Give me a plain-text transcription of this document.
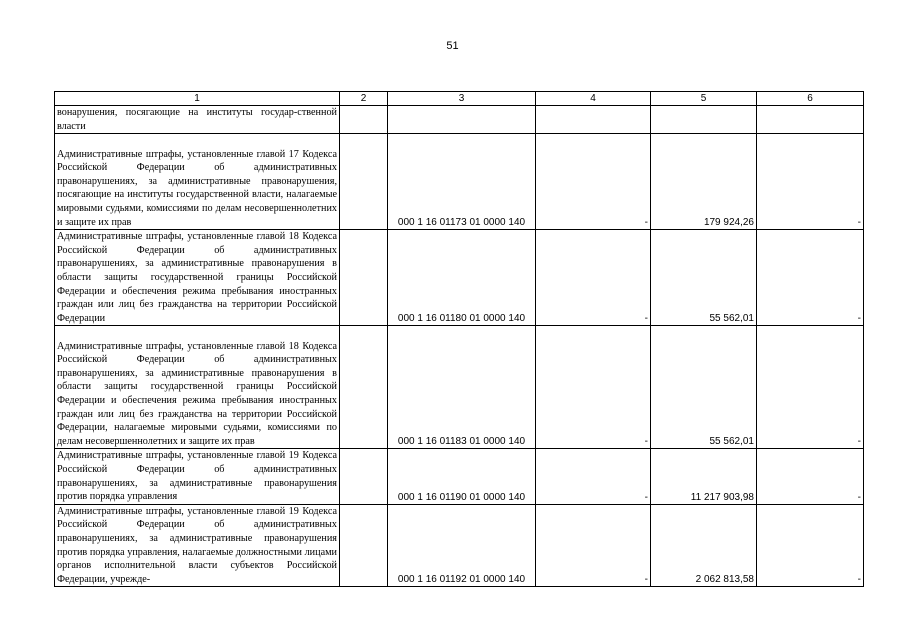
51
1	2	3	4	5	6
вонарушения, посягающие на институты государ-ственной власти					
Административные штрафы, установленные главой 17 Кодекса Российской Федерации об административных правонарушениях, за административные правонарушения, посягающие на институты государственной власти, налагаемые мировыми судьями, комиссиями по делам несовершеннолетних и защите их прав		000 1 16 01173 01 0000 140	-	179 924,26	-
Административные штрафы, установленные главой 18 Кодекса Российской Федерации об административных правонарушениях, за административные правонарушения в области защиты государственной границы Российской Федерации и обеспечения режима пребывания иностранных граждан или лиц без гражданства на территории Российской Федерации		000 1 16 01180 01 0000 140	-	55 562,01	-
Административные штрафы, установленные главой 18 Кодекса Российской Федерации об административных правонарушениях, за административные правонарушения в области защиты государственной границы Российской Федерации и обеспечения режима пребывания иностранных граждан или лиц без гражданства на территории Российской Федерации, налагаемые мировыми судьями, комиссиями по делам несовершеннолетних и защите их прав		000 1 16 01183 01 0000 140	-	55 562,01	-
Административные штрафы, установленные главой 19 Кодекса Российской Федерации об административных правонарушениях, за административные правонарушения против порядка управления		000 1 16 01190 01 0000 140	-	11 217 903,98	-
Административные штрафы, установленные главой 19 Кодекса Российской Федерации об административных правонарушениях, за административные правонарушения против порядка управления, налагаемые должностными лицами органов исполнительной власти субъектов Российской Федерации, учрежде-		000 1 16 01192 01 0000 140	-	2 062 813,58	-
